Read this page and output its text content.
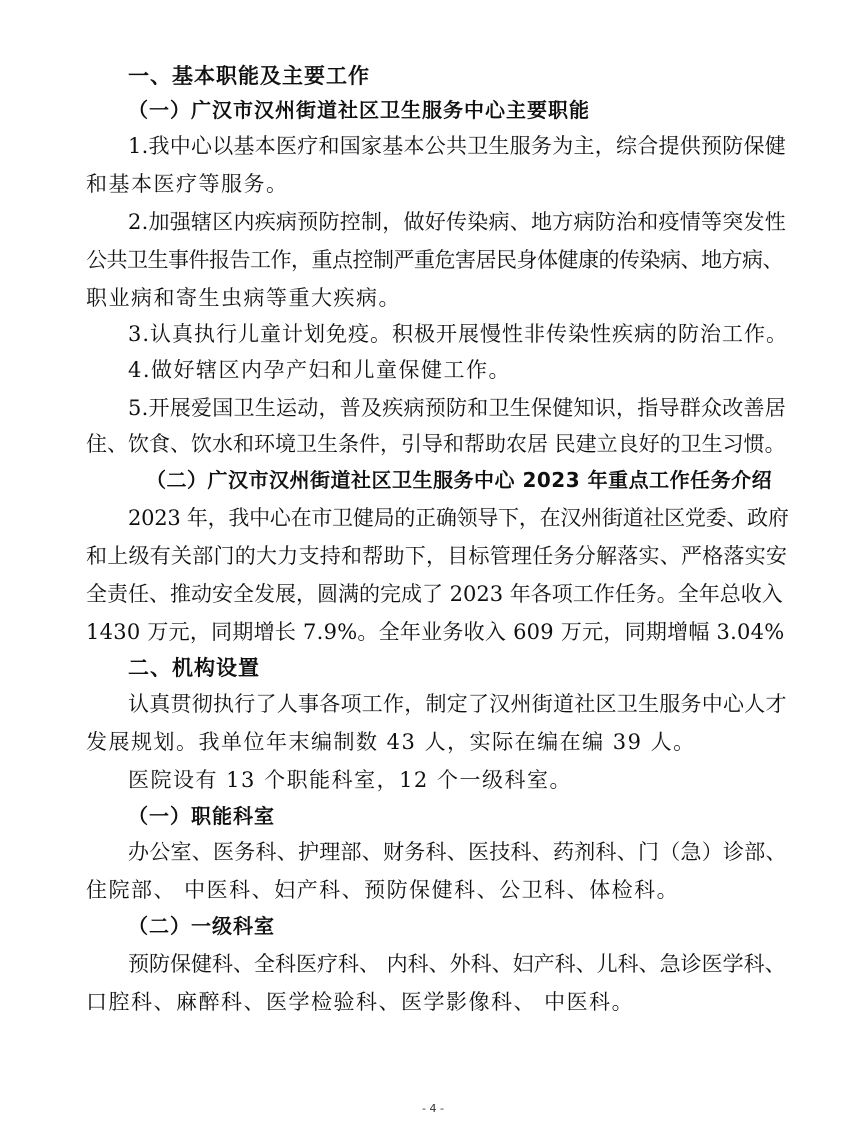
一、基本职能及主要工作

（一）广汉市汉州街道社区卫生服务中心主要职能

1.我中心以基本医疗和国家基本公共卫生服务为主，综合提供预防保健

和基本医疗等服务。

2.加强辖区内疾病预防控制，做好传染病、地方病防治和疫情等突发性

公共卫生事件报告工作，重点控制严重危害居民身体健康的传染病、地方病、

职业病和寄生虫病等重大疾病。

3.认真执行儿童计划免疫。积极开展慢性非传染性疾病的防治工作。

4.做好辖区内孕产妇和儿童保健工作。

5.开展爱国卫生运动，普及疾病预防和卫生保健知识，指导群众改善居

住、饮食、饮水和环境卫生条件，引导和帮助农居 民建立良好的卫生习惯。

（二）广汉市汉州街道社区卫生服务中心 2023 年重点工作任务介绍

2023 年，我中心在市卫健局的正确领导下，在汉州街道社区党委、政府

和上级有关部门的大力支持和帮助下，目标管理任务分解落实、严格落实安

全责任、推动安全发展，圆满的完成了 2023 年各项工作任务。全年总收入

1430 万元，同期增长 7.9%。全年业务收入 609 万元，同期增幅 3.04%

二、机构设置

认真贯彻执行了人事各项工作，制定了汉州街道社区卫生服务中心人才

发展规划。我单位年末编制数 43 人，实际在编在编 39 人。

医院设有 13 个职能科室，12 个一级科室。

（一）职能科室

办公室、医务科、护理部、财务科、医技科、药剂科、门（急）诊部、

住院部、 中医科、妇产科、预防保健科、公卫科、体检科。

（二）一级科室

预防保健科、全科医疗科、 内科、外科、妇产科、儿科、急诊医学科、

口腔科、麻醉科、医学检验科、医学影像科、 中医科。

- 4 -
